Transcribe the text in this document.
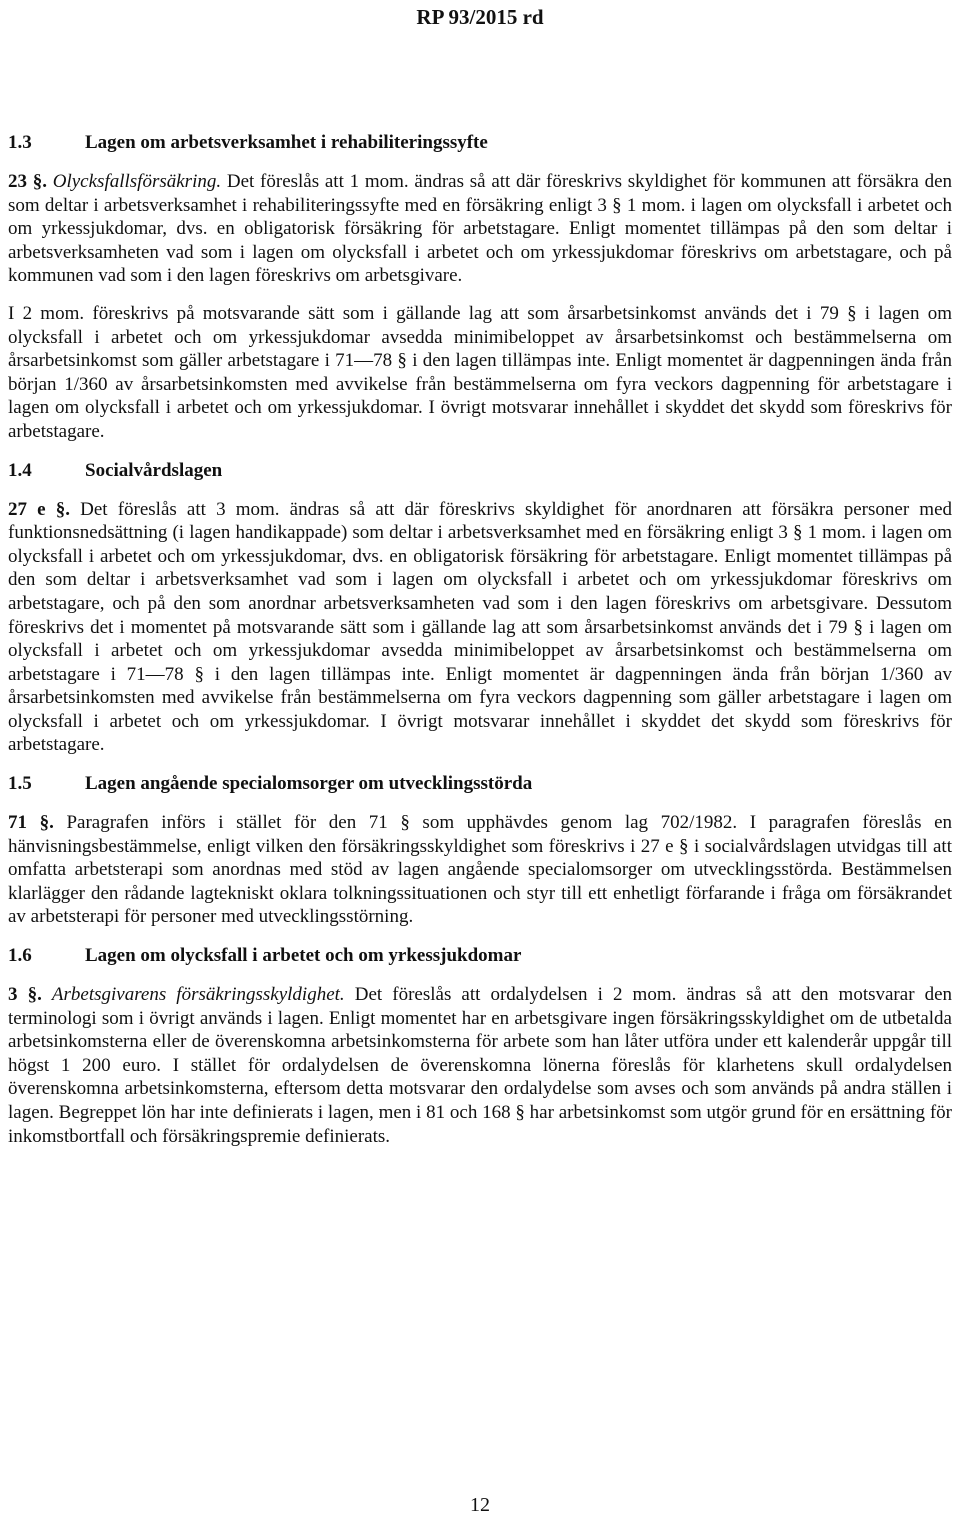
RP 93/2015 rd
1.3	Lagen om arbetsverksamhet i rehabiliteringssyfte

23 §. Olycksfallsförsäkring. Det föreslås att 1 mom. ändras så att där föreskrivs skyldighet för kommunen att försäkra den som deltar i arbetsverksamhet i rehabiliteringssyfte med en försäkring enligt 3 § 1 mom. i lagen om olycksfall i arbetet och om yrkessjukdomar, dvs. en obligatorisk försäkring för arbetstagare. Enligt momentet tillämpas på den som deltar i arbetsverksamheten vad som i lagen om olycksfall i arbetet och om yrkessjukdomar föreskrivs om arbetstagare, och på kommunen vad som i den lagen föreskrivs om arbetsgivare.

I 2 mom. föreskrivs på motsvarande sätt som i gällande lag att som årsarbetsinkomst används det i 79 § i lagen om olycksfall i arbetet och om yrkessjukdomar avsedda minimibeloppet av årsarbetsinkomst och bestämmelserna om årsarbetsinkomst som gäller arbetstagare i 71—78 § i den lagen tillämpas inte. Enligt momentet är dagpenningen ända från början 1/360 av årsarbetsinkomsten med avvikelse från bestämmelserna om fyra veckors dagpenning för arbetstagare i lagen om olycksfall i arbetet och om yrkessjukdomar. I övrigt motsvarar innehållet i skyddet det skydd som föreskrivs för arbetstagare.

1.4	Socialvårdslagen

27 e §. Det föreslås att 3 mom. ändras så att där föreskrivs skyldighet för anordnaren att försäkra personer med funktionsnedsättning (i lagen handikappade) som deltar i arbetsverksamhet med en försäkring enligt 3 § 1 mom. i lagen om olycksfall i arbetet och om yrkessjukdomar, dvs. en obligatorisk försäkring för arbetstagare. Enligt momentet tillämpas på den som deltar i arbetsverksamhet vad som i lagen om olycksfall i arbetet och om yrkessjukdomar föreskrivs om arbetstagare, och på den som anordnar arbetsverksamheten vad som i den lagen föreskrivs om arbetsgivare. Dessutom föreskrivs det i momentet på motsvarande sätt som i gällande lag att som årsarbetsinkomst används det i 79 § i lagen om olycksfall i arbetet och om yrkessjukdomar avsedda minimibeloppet av årsarbetsinkomst och bestämmelserna om arbetstagare i 71—78 § i den lagen tillämpas inte. Enligt momentet är dagpenningen ända från början 1/360 av årsarbetsinkomsten med avvikelse från bestämmelserna om fyra veckors dagpenning som gäller arbetstagare i lagen om olycksfall i arbetet och om yrkessjukdomar. I övrigt motsvarar innehållet i skyddet det skydd som föreskrivs för arbetstagare.

1.5	Lagen angående specialomsorger om utvecklingsstörda

71 §. Paragrafen införs i stället för den 71 § som upphävdes genom lag 702/1982. I paragrafen föreslås en hänvisningsbestämmelse, enligt vilken den försäkringsskyldighet som föreskrivs i 27 e § i socialvårdslagen utvidgas till att omfatta arbetsterapi som anordnas med stöd av lagen angående specialomsorger om utvecklingsstörda. Bestämmelsen klarlägger den rådande lagtekniskt oklara tolkningssituationen och styr till ett enhetligt förfarande i fråga om försäkrandet av arbetsterapi för personer med utvecklingsstörning.

1.6	Lagen om olycksfall i arbetet och om yrkessjukdomar

3 §. Arbetsgivarens försäkringsskyldighet. Det föreslås att ordalydelsen i 2 mom. ändras så att den motsvarar den terminologi som i övrigt används i lagen. Enligt momentet har en arbetsgivare ingen försäkringsskyldighet om de utbetalda arbetsinkomsterna eller de överenskomna arbetsinkomsterna för arbete som han låter utföra under ett kalenderår uppgår till högst 1 200 euro. I stället för ordalydelsen de överenskomna lönerna föreslås för klarhetens skull ordalydelsen överenskomna arbetsinkomsterna, eftersom detta motsvarar den ordalydelse som avses och som används på andra ställen i lagen. Begreppet lön har inte definierats i lagen, men i 81 och 168 § har arbetsinkomst som utgör grund för en ersättning för inkomstbortfall och försäkringspremie definierats.

12
